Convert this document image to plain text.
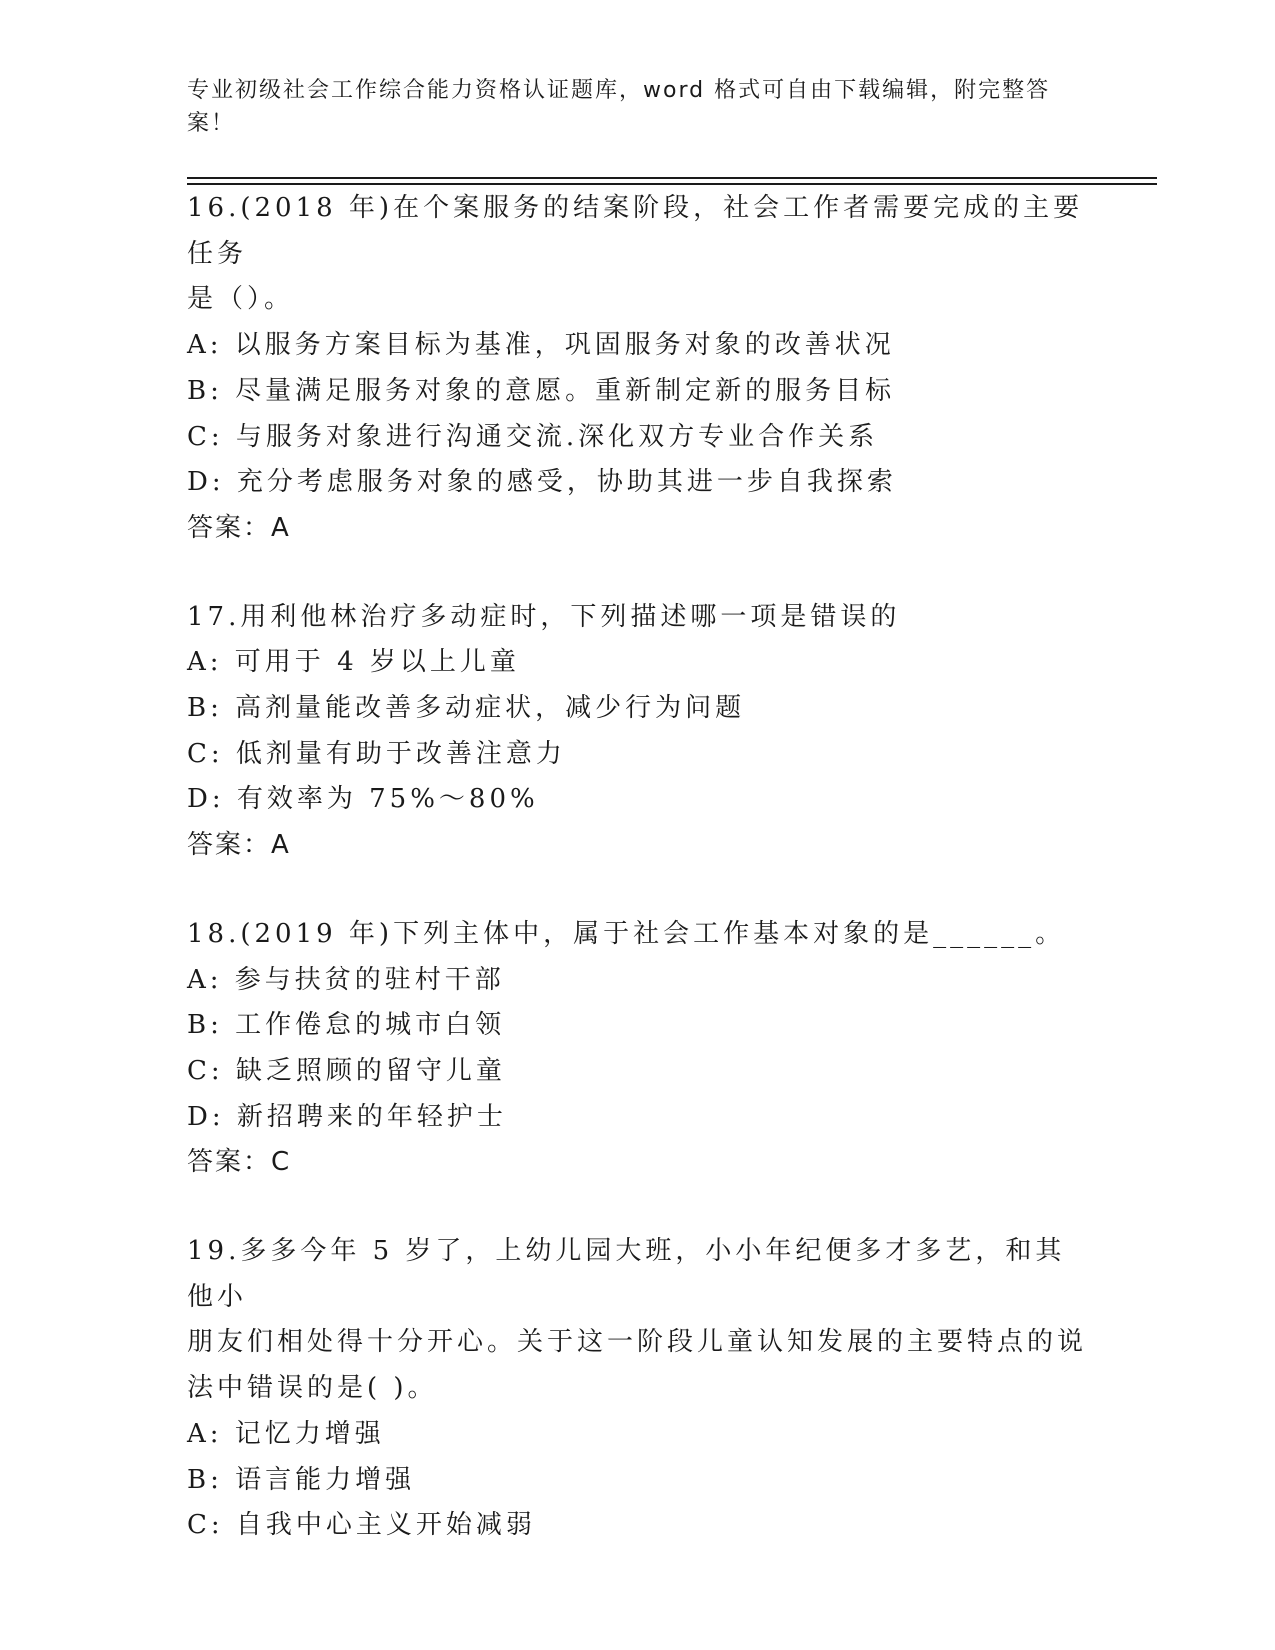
专业初级社会工作综合能力资格认证题库，word 格式可自由下载编辑，附完整答案！
16.(2018 年)在个案服务的结案阶段，社会工作者需要完成的主要任务
是（）。
A: 以服务方案目标为基准，巩固服务对象的改善状况
B: 尽量满足服务对象的意愿。重新制定新的服务目标
C: 与服务对象进行沟通交流.深化双方专业合作关系
D: 充分考虑服务对象的感受，协助其进一步自我探索
答案：A
17.用利他林治疗多动症时，下列描述哪一项是错误的
A: 可用于 4 岁以上儿童
B: 高剂量能改善多动症状，减少行为问题
C: 低剂量有助于改善注意力
D: 有效率为 75%～80%
答案：A
18.(2019 年)下列主体中，属于社会工作基本对象的是______。
A: 参与扶贫的驻村干部
B: 工作倦怠的城市白领
C: 缺乏照顾的留守儿童
D: 新招聘来的年轻护士
答案：C
19.多多今年 5 岁了，上幼儿园大班，小小年纪便多才多艺，和其他小
朋友们相处得十分开心。关于这一阶段儿童认知发展的主要特点的说
法中错误的是( )。
A: 记忆力增强
B: 语言能力增强
C: 自我中心主义开始减弱
